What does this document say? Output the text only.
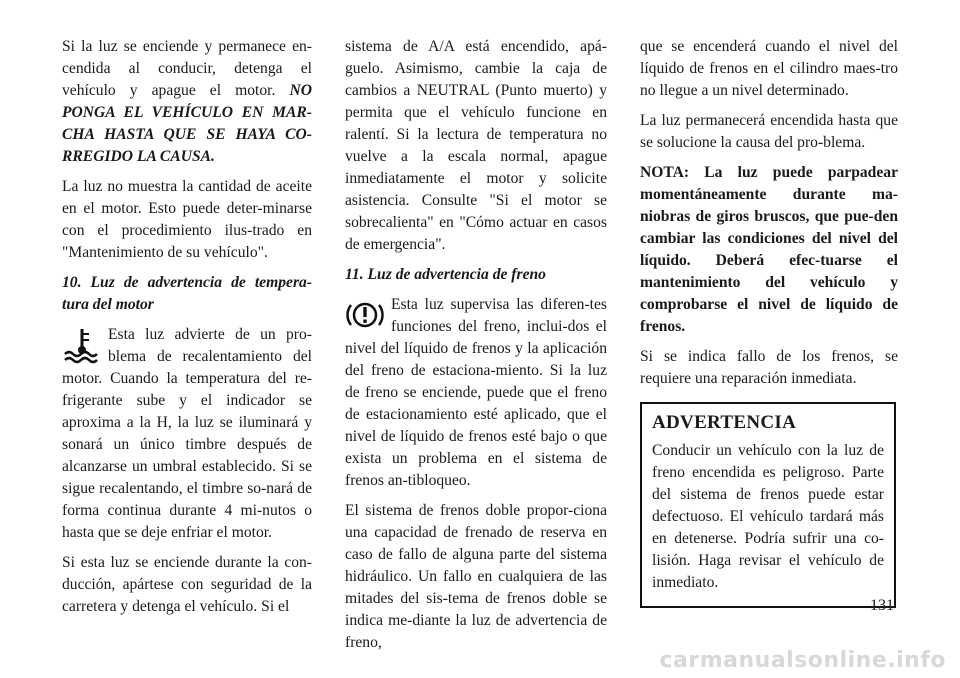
Si la luz se enciende y permanece en-cendida al conducir, detenga el vehículo y apague el motor. NO PONGA EL VEHÍCULO EN MAR-CHA HASTA QUE SE HAYA CO-RREGIDO LA CAUSA.

La luz no muestra la cantidad de aceite en el motor. Esto puede deter-minarse con el procedimiento ilus-trado en "Mantenimiento de su vehículo".

10. Luz de advertencia de tempera-tura del motor

Esta luz advierte de un pro-blema de recalentamiento del motor. Cuando la temperatura del re-frigerante sube y el indicador se aproxima a la H, la luz se iluminará y sonará un único timbre después de alcanzarse un umbral establecido. Si se sigue recalentando, el timbre so-nará de forma continua durante 4 mi-nutos o hasta que se deje enfriar el motor.

Si esta luz se enciende durante la con-ducción, apártese con seguridad de la carretera y detenga el vehículo. Si el

sistema de A/A está encendido, apá-guelo. Asimismo, cambie la caja de cambios a NEUTRAL (Punto muerto) y permita que el vehículo funcione en ralentí. Si la lectura de temperatura no vuelve a la escala normal, apague inmediatamente el motor y solicite asistencia. Consulte "Si el motor se sobrecalienta" en "Cómo actuar en casos de emergencia".

11. Luz de advertencia de freno

Esta luz supervisa las diferen-tes funciones del freno, inclui-dos el nivel del líquido de frenos y la aplicación del freno de estaciona-miento. Si la luz de freno se enciende, puede que el freno de estacionamiento esté aplicado, que el nivel de líquido de frenos esté bajo o que exista un problema en el sistema de frenos an-tibloqueo.

El sistema de frenos doble propor-ciona una capacidad de frenado de reserva en caso de fallo de alguna parte del sistema hidráulico. Un fallo en cualquiera de las mitades del sis-tema de frenos doble se indica me-diante la luz de advertencia de freno,

que se encenderá cuando el nivel del líquido de frenos en el cilindro maes-tro no llegue a un nivel determinado.

La luz permanecerá encendida hasta que se solucione la causa del pro-blema.

NOTA: La luz puede parpadear momentáneamente durante ma-niobras de giros bruscos, que pue-den cambiar las condiciones del nivel del líquido. Deberá efec-tuarse el mantenimiento del vehículo y comprobarse el nivel de líquido de frenos.

Si se indica fallo de los frenos, se requiere una reparación inmediata.

ADVERTENCIA

Conducir un vehículo con la luz de freno encendida es peligroso. Parte del sistema de frenos puede estar defectuoso. El vehículo tardará más en detenerse. Podría sufrir una co-lisión. Haga revisar el vehículo de inmediato.

131
carmanualsonline.info
